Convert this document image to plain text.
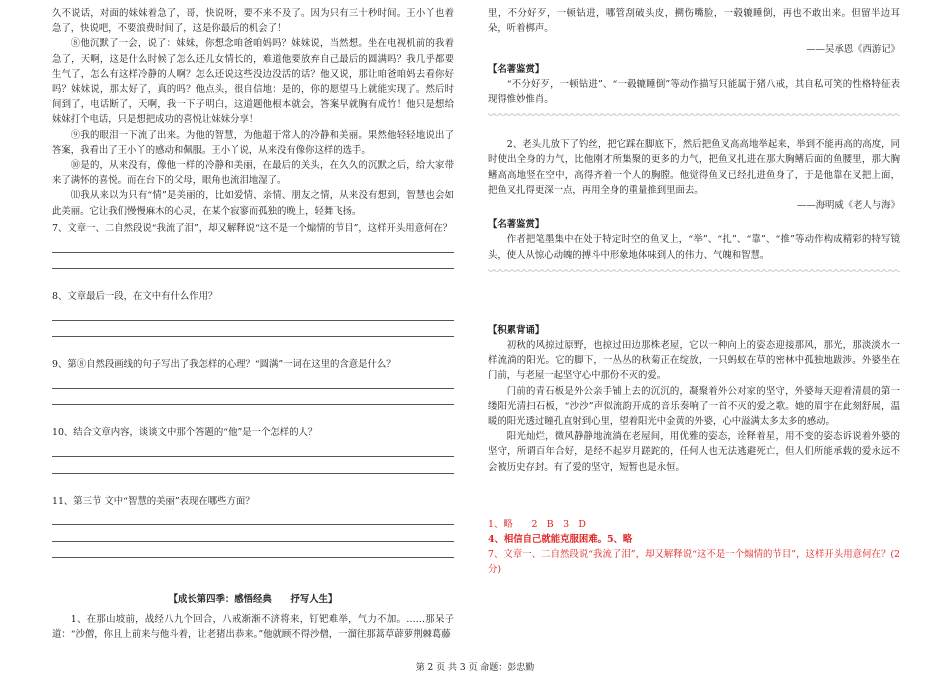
久不说话，对面的妹妹着急了，哥，快说呀，要不来不及了。因为只有三十秒时间。王小丫也着急了，快说吧，不要浪费时间了，这是你最后的机会了！

⑧他沉默了一会，说了：妹妹，你想念咱爸咱妈吗？妹妹说，当然想。坐在电视机前的我着急了，天啊，这是什么时候了怎么还儿女情长的，难道他要放弃自己最后的圆满吗？我几乎都要生气了，怎么有这样冷静的人啊？怎么还说这些没边没活的话？他又说，那让咱爸咱妈去看你好吗？妹妹说，那太好了，真的吗？他点头，很自信地：是的，你的愿望马上就能实现了。然后时间到了，电话断了，天啊，我一下子明白，这道题他根本就会，答案早就胸有成竹！他只是想给妹妹打个电话，只是想把成功的喜悦让妹妹分享！

⑨我的眼泪一下流了出来。为他的智慧，为他超于常人的冷静和美丽。果然他轻轻地说出了答案，我看出了王小丫的感动和佩服。王小丫说，从来没有像你这样的选手。

⑩是的，从来没有，像他一样的冷静和美丽，在最后的关头，在久久的沉默之后，给大家带来了满怀的喜悦。而在台下的父母，眼角也流泪地湿了。

⑾我从来以为只有“情”是美丽的，比如爱情、亲情、朋友之情，从来没有想到，智慧也会如此美丽。它让我们慢慢麻木的心灵，在某个寂寥而孤独的晚上，轻舞飞扬。

7、文章一、二自然段说“我流了泪”，却又解释说“这不是一个煽情的节目”，这样开头用意何在？

8、文章最后一段，在文中有什么作用？

9、第⑧自然段画线的句子写出了我怎样的心理？“圆满”一词在这里的含意是什么？

10、结合文章内容，谈谈文中那个答题的“他”是一个怎样的人？

11、第三节 文中“智慧的美丽”表现在哪些方面？

【成长第四季：感悟经典　　抒写人生】

1、在那山坡前，战经八九个回合，八戒渐渐不济将来，钉钯难举，气力不加。……那呆子道：“沙僧，你且上前来与他斗着，让老猪出恭来。”他就顾不得沙僧，一溜往那蒿草薜萝荆棘葛藤

里，不分好歹，一顿钻进，哪管刮破头皮，搠伤嘴脸，一毂辘睡倒，再也不敢出来。但留半边耳朵，听着梆声。

——吴承恩《西游记》

【名著鉴赏】

“不分好歹，一顿钻进”、“一毂辘睡倒”等动作描写只能属于猪八戒，其自私可笑的性格特征表现得惟妙惟肖。

2、老头儿放下了钓丝，把它踩在脚底下，然后把鱼叉高高地举起来，举到不能再高的高度，同时使出全身的力气，比他刚才所集聚的更多的力气，把鱼叉扎进在那大胸鳍后面的鱼腰里，那大胸鳍高高地竖在空中，高得齐着一个人的胸膛。他觉得鱼叉已经扎进鱼身了，于是他靠在叉把上面，把鱼叉扎得更深一点，再用全身的重量推到里面去。

——海明威《老人与海》

【名著鉴赏】

作者把笔墨集中在处于特定时空的鱼叉上，“举”、“扎”、“靠”、“推”等动作构成精彩的特写镜头，使人从惊心动魄的搏斗中形象地体味到人的伟力、气魄和智慧。

【积累背诵】

初秋的风掠过原野，也掠过田边那株老屋，它以一种向上的姿态迎接那风，那光，那淡淡水一样流淌的阳光。它的脚下，一丛丛的秋菊正在绽放，一只蚂蚁在草的密林中孤独地跋涉。外婆坐在门前，与老屋一起坚守心中那份不灭的爱。

门前的青石板是外公亲手铺上去的沉沉的，凝聚着外公对家的坚守，外婆每天迎着清晨的第一缕阳光清扫石板，“沙沙”声似流韵开成的音乐奏响了一首不灭的爱之歌。她的眉宇在此刻舒展，温暖的阳光透过瞳孔直射到心里，望着阳光中金黄的外婆，心中溢满太多太多的感动。

阳光灿烂，微风静静地流淌在老屋间，用优雅的姿态，诠释着星，用不变的姿态诉说着外婆的坚守，所谓百年合好，是经不起岁月蹉跎的，任何人也无法逃避死亡，但人们所能承载的爱永远不会被历史存封。有了爱的坚守，短暂也是永恒。

1、略　　2　B　3　D

4、相信自己就能克服困难。5、略

7、文章一、二自然段说“我流了泪”，却又解释说“这不是一个煽情的节目”，这样开头用意何在？(2分)

第 2 页 共 3 页 命题：彭忠勤
